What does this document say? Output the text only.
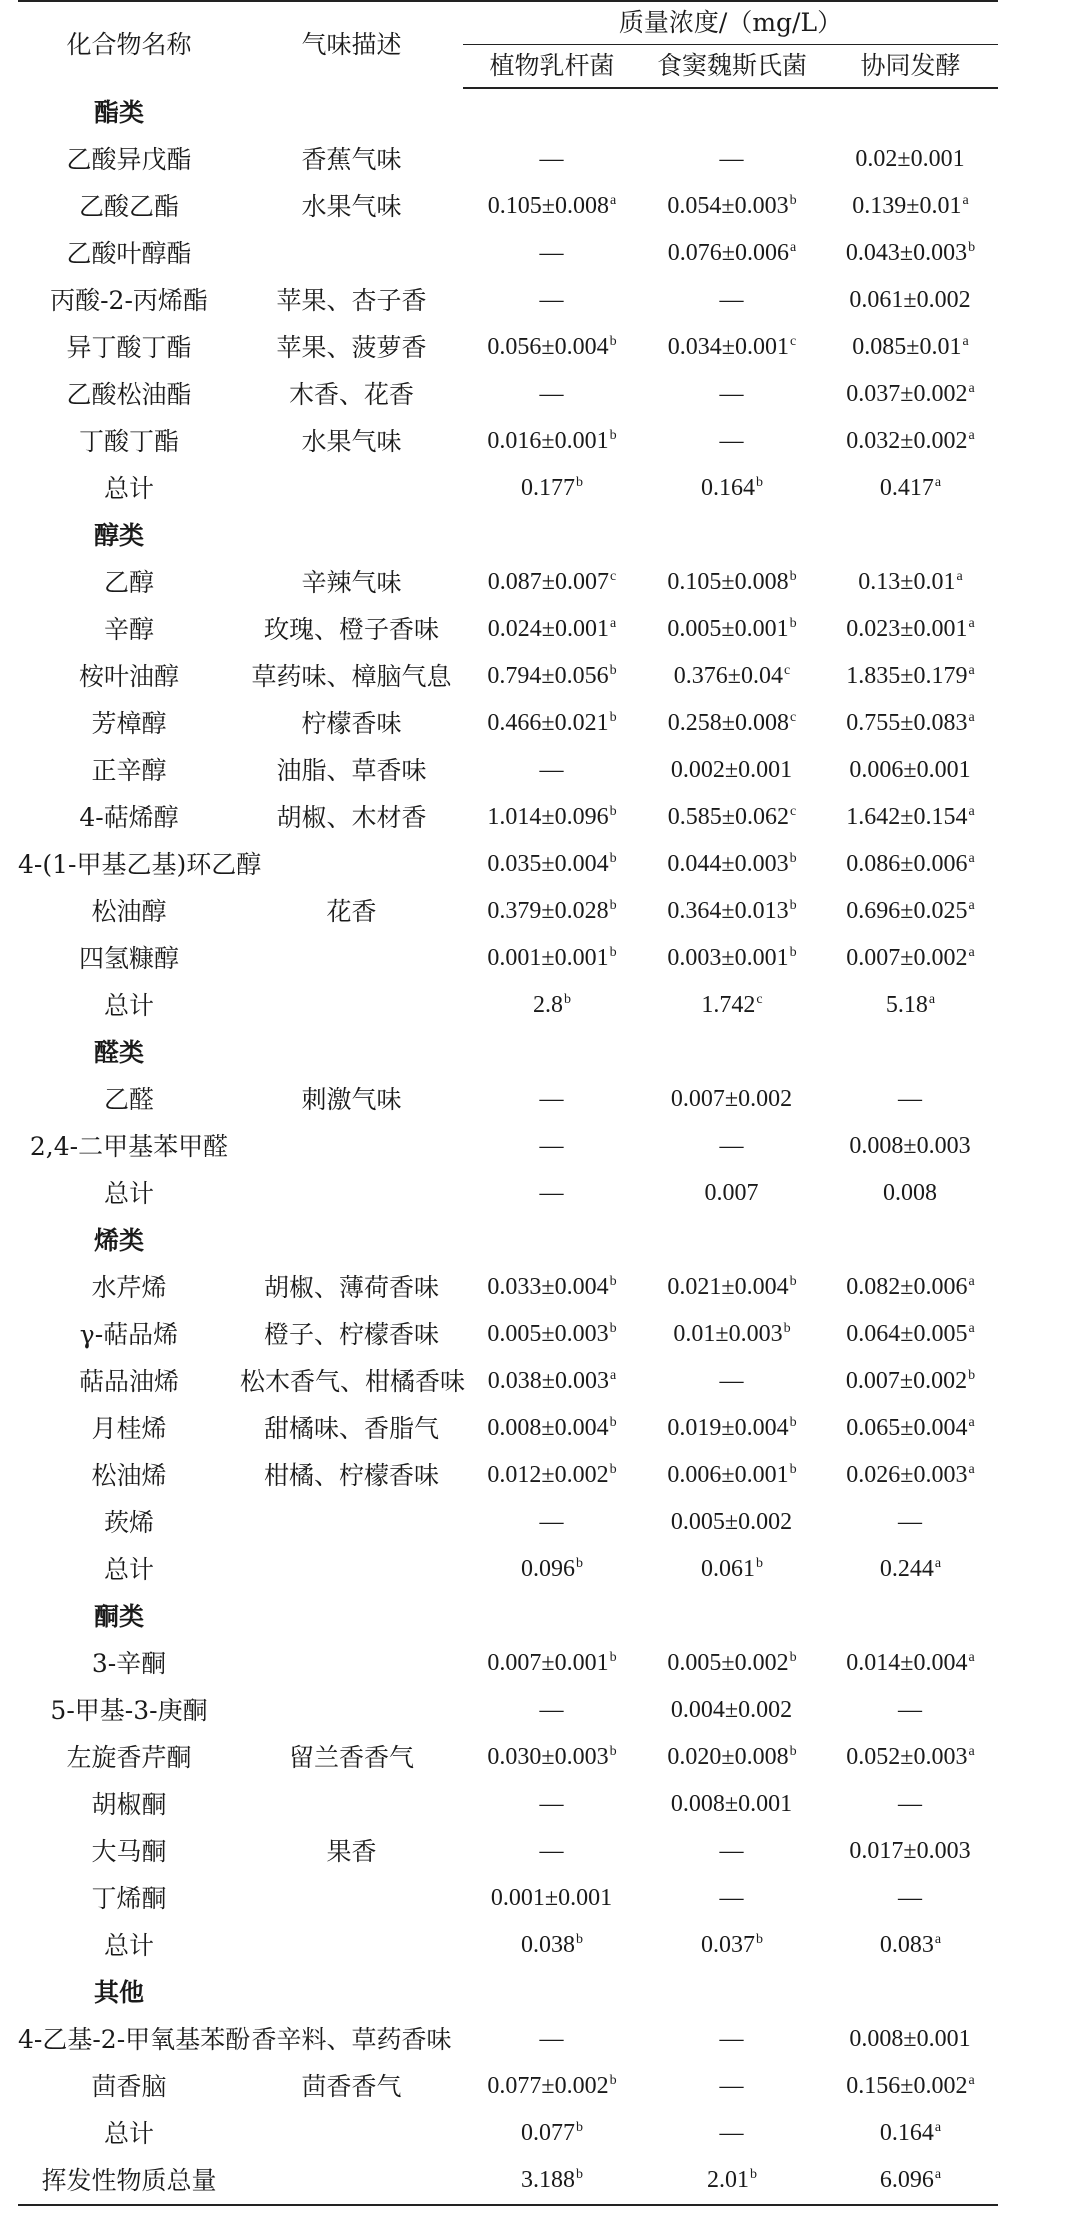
化合物名称	气味描述	质量浓度/（mg/L）		
		植物乳杆菌	食窦魏斯氏菌	协同发酵
酯类				
乙酸异戊酯	香蕉气味	—	—	0.02±0.001
乙酸乙酯	水果气味	0.105±0.008$^a$	0.054±0.003$^b$	0.139±0.01$^a$
乙酸叶醇酯		—	0.076±0.006$^a$	0.043±0.003$^b$
丙酸-2-丙烯酯	苹果、杏子香	—	—	0.061±0.002
异丁酸丁酯	苹果、菠萝香	0.056±0.004$^b$	0.034±0.001$^c$	0.085±0.01$^a$
乙酸松油酯	木香、花香	—	—	0.037±0.002$^a$
丁酸丁酯	水果气味	0.016±0.001$^b$	—	0.032±0.002$^a$
总计		0.177$^b$	0.164$^b$	0.417$^a$
醇类				
乙醇	辛辣气味	0.087±0.007$^c$	0.105±0.008$^b$	0.13±0.01$^a$
辛醇	玫瑰、橙子香味	0.024±0.001$^a$	0.005±0.001$^b$	0.023±0.001$^a$
桉叶油醇	草药味、樟脑气息	0.794±0.056$^b$	0.376±0.04$^c$	1.835±0.179$^a$
芳樟醇	柠檬香味	0.466±0.021$^b$	0.258±0.008$^c$	0.755±0.083$^a$
正辛醇	油脂、草香味	—	0.002±0.001	0.006±0.001
4-萜烯醇	胡椒、木材香	1.014±0.096$^b$	0.585±0.062$^c$	1.642±0.154$^a$
4-(1-甲基乙基)环乙醇		0.035±0.004$^b$	0.044±0.003$^b$	0.086±0.006$^a$
松油醇	花香	0.379±0.028$^b$	0.364±0.013$^b$	0.696±0.025$^a$
四氢糠醇		0.001±0.001$^b$	0.003±0.001$^b$	0.007±0.002$^a$
总计		2.8$^b$	1.742$^c$	5.18$^a$
醛类				
乙醛	刺激气味	—	0.007±0.002	—
2,4-二甲基苯甲醛		—	—	0.008±0.003
总计		—	0.007	0.008
烯类				
水芹烯	胡椒、薄荷香味	0.033±0.004$^b$	0.021±0.004$^b$	0.082±0.006$^a$
γ-萜品烯	橙子、柠檬香味	0.005±0.003$^b$	0.01±0.003$^b$	0.064±0.005$^a$
萜品油烯	松木香气、柑橘香味	0.038±0.003$^a$	—	0.007±0.002$^b$
月桂烯	甜橘味、香脂气	0.008±0.004$^b$	0.019±0.004$^b$	0.065±0.004$^a$
松油烯	柑橘、柠檬香味	0.012±0.002$^b$	0.006±0.001$^b$	0.026±0.003$^a$
莰烯		—	0.005±0.002	—
总计		0.096$^b$	0.061$^b$	0.244$^a$
酮类				
3-辛酮		0.007±0.001$^b$	0.005±0.002$^b$	0.014±0.004$^a$
5-甲基-3-庚酮		—	0.004±0.002	—
左旋香芹酮	留兰香香气	0.030±0.003$^b$	0.020±0.008$^b$	0.052±0.003$^a$
胡椒酮		—	0.008±0.001	—
大马酮	果香	—	—	0.017±0.003
丁烯酮		0.001±0.001	—	—
总计		0.038$^b$	0.037$^b$	0.083$^a$
其他				
4-乙基-2-甲氧基苯酚	香辛料、草药香味	—	—	0.008±0.001
茴香脑	茴香香气	0.077±0.002$^b$	—	0.156±0.002$^a$
总计		0.077$^b$	—	0.164$^a$
挥发性物质总量		3.188$^b$	2.01$^b$	6.096$^a$
